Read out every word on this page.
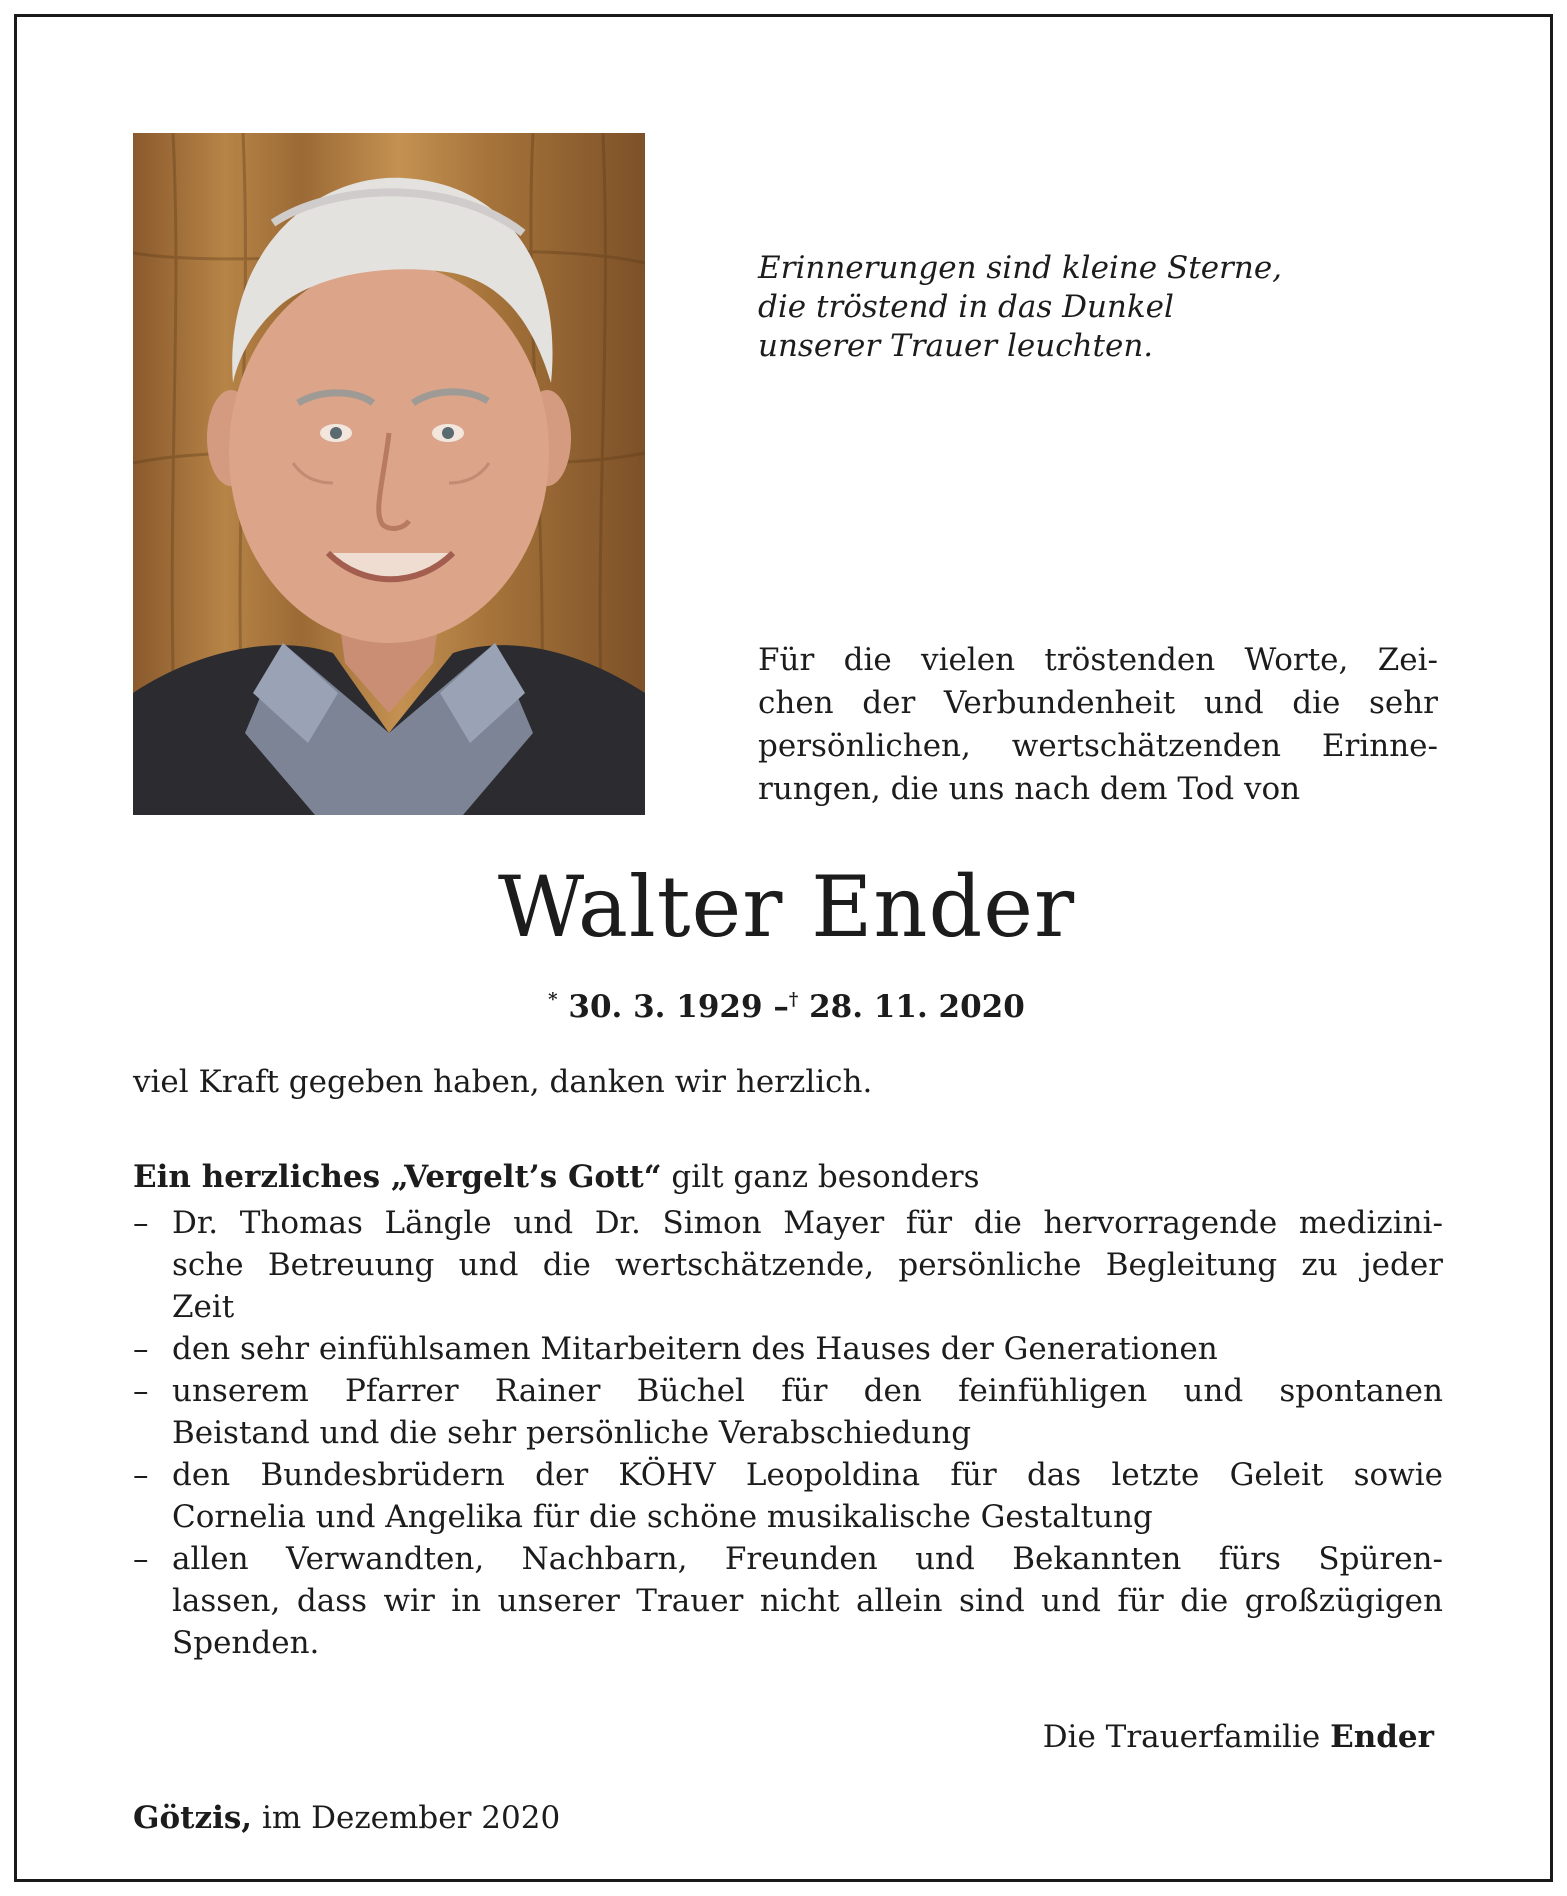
Erinnerungen sind kleine Sterne,
die tröstend in das Dunkel
unserer Trauer leuchten.
Für die vielen tröstenden Worte, Zei-
chen der Verbundenheit und die sehr
persönlichen, wertschätzenden Erinne-
rungen, die uns nach dem Tod von
Walter Ender
* 30. 3. 1929 –† 28. 11. 2020

viel Kraft gegeben haben, danken wir herzlich.

Ein herzliches „Vergelt’s Gott“ gilt ganz besonders

– Dr. Thomas Längle und Dr. Simon Mayer für die hervorragende medizini-
sche Betreuung und die wertschätzende, persönliche Begleitung zu jeder
Zeit
– den sehr einfühlsamen Mitarbeitern des Hauses der Generationen
– unserem Pfarrer Rainer Büchel für den feinfühligen und spontanen
Beistand und die sehr persönliche Verabschiedung
– den Bundesbrüdern der KÖHV Leopoldina für das letzte Geleit sowie
Cornelia und Angelika für die schöne musikalische Gestaltung
– allen Verwandten, Nachbarn, Freunden und Bekannten fürs Spüren-
lassen, dass wir in unserer Trauer nicht allein sind und für die großzügigen
Spenden.

Die Trauerfamilie Ender

Götzis, im Dezember 2020
